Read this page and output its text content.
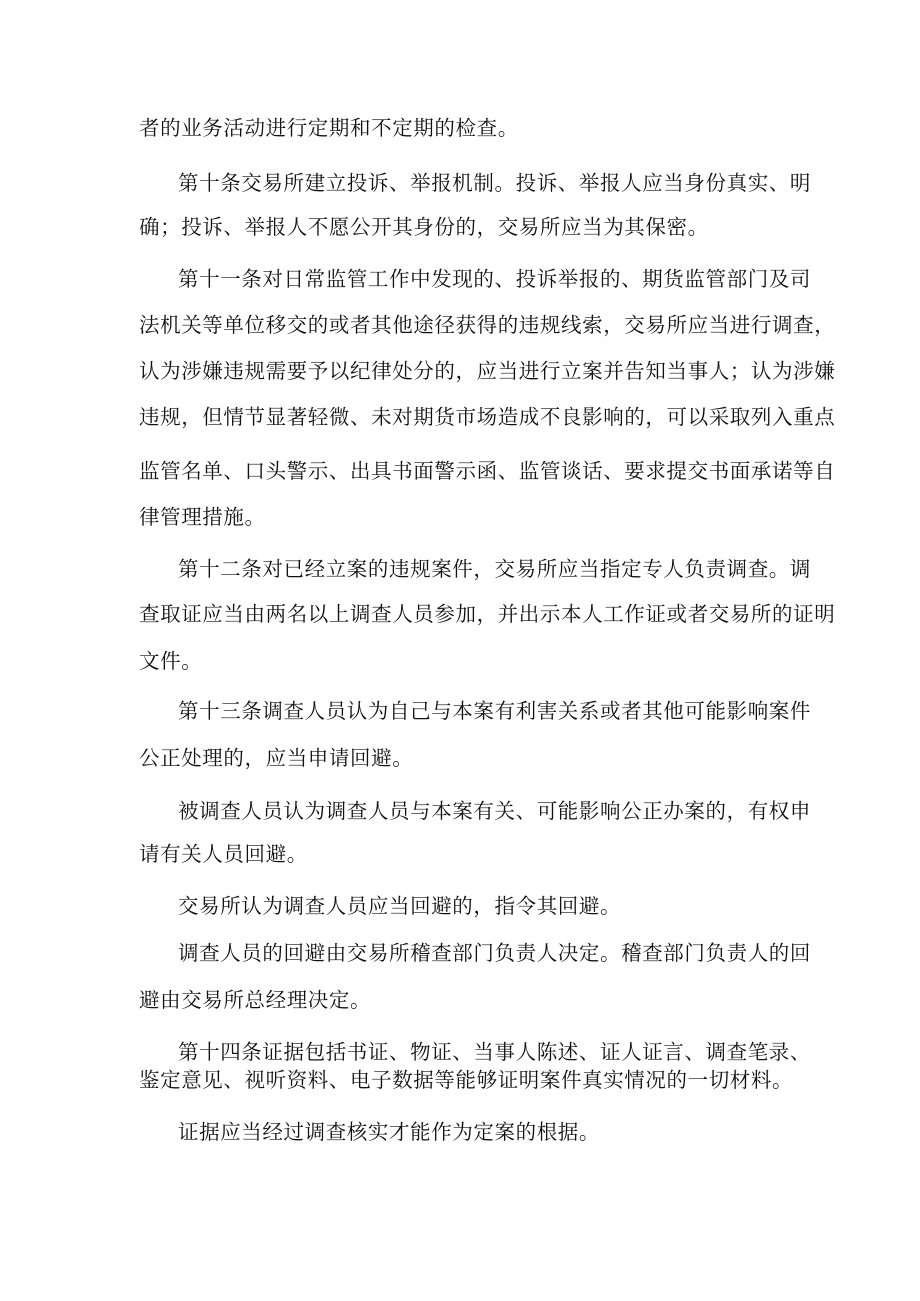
者的业务活动进行定期和不定期的检查。
第十条交易所建立投诉、举报机制。投诉、举报人应当身份真实、明
确；投诉、举报人不愿公开其身份的，交易所应当为其保密。
第十一条对日常监管工作中发现的、投诉举报的、期货监管部门及司
法机关等单位移交的或者其他途径获得的违规线索，交易所应当进行调查，
认为涉嫌违规需要予以纪律处分的，应当进行立案并告知当事人；认为涉嫌
违规，但情节显著轻微、未对期货市场造成不良影响的，可以采取列入重点
监管名单、口头警示、出具书面警示函、监管谈话、要求提交书面承诺等自
律管理措施。
第十二条对已经立案的违规案件，交易所应当指定专人负责调查。调
查取证应当由两名以上调查人员参加，并出示本人工作证或者交易所的证明
文件。
第十三条调查人员认为自己与本案有利害关系或者其他可能影响案件
公正处理的，应当申请回避。
被调查人员认为调查人员与本案有关、可能影响公正办案的，有权申
请有关人员回避。
交易所认为调查人员应当回避的，指令其回避。
调查人员的回避由交易所稽查部门负责人决定。稽查部门负责人的回
避由交易所总经理决定。
第十四条证据包括书证、物证、当事人陈述、证人证言、调查笔录、
鉴定意见、视听资料、电子数据等能够证明案件真实情况的一切材料。
证据应当经过调查核实才能作为定案的根据。
